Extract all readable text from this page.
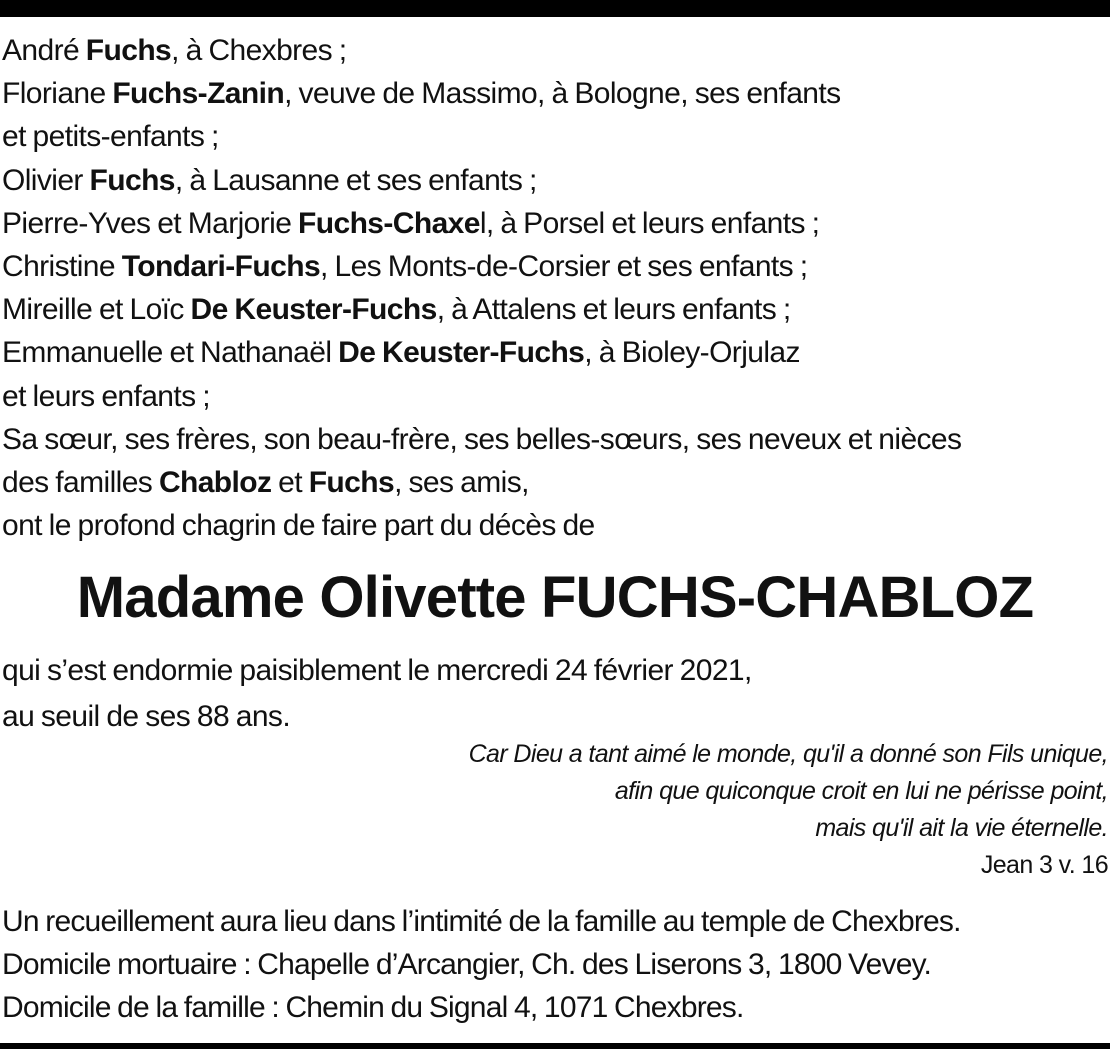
André Fuchs, à Chexbres ;
Floriane Fuchs-Zanin, veuve de Massimo, à Bologne, ses enfants
et petits-enfants ;
Olivier Fuchs, à Lausanne et ses enfants ;
Pierre-Yves et Marjorie Fuchs-Chaxel, à Porsel et leurs enfants ;
Christine Tondari-Fuchs, Les Monts-de-Corsier et ses enfants ;
Mireille et Loïc De Keuster-Fuchs, à Attalens et leurs enfants ;
Emmanuelle et Nathanaël De Keuster-Fuchs, à Bioley-Orjulaz
et leurs enfants ;
Sa sœur, ses frères, son beau-frère, ses belles-sœurs, ses neveux et nièces
des familles Chabloz et Fuchs, ses amis,
ont le profond chagrin de faire part du décès de
Madame Olivette FUCHS-CHABLOZ
qui s’est endormie paisiblement le mercredi 24 février 2021,
au seuil de ses 88 ans.
Car Dieu a tant aimé le monde, qu'il a donné son Fils unique,
afin que quiconque croit en lui ne périsse point,
mais qu'il ait la vie éternelle.
Jean 3 v. 16
Un recueillement aura lieu dans l’intimité de la famille au temple de Chexbres.
Domicile mortuaire : Chapelle d’Arcangier, Ch. des Liserons 3, 1800 Vevey.
Domicile de la famille : Chemin du Signal 4, 1071 Chexbres.
